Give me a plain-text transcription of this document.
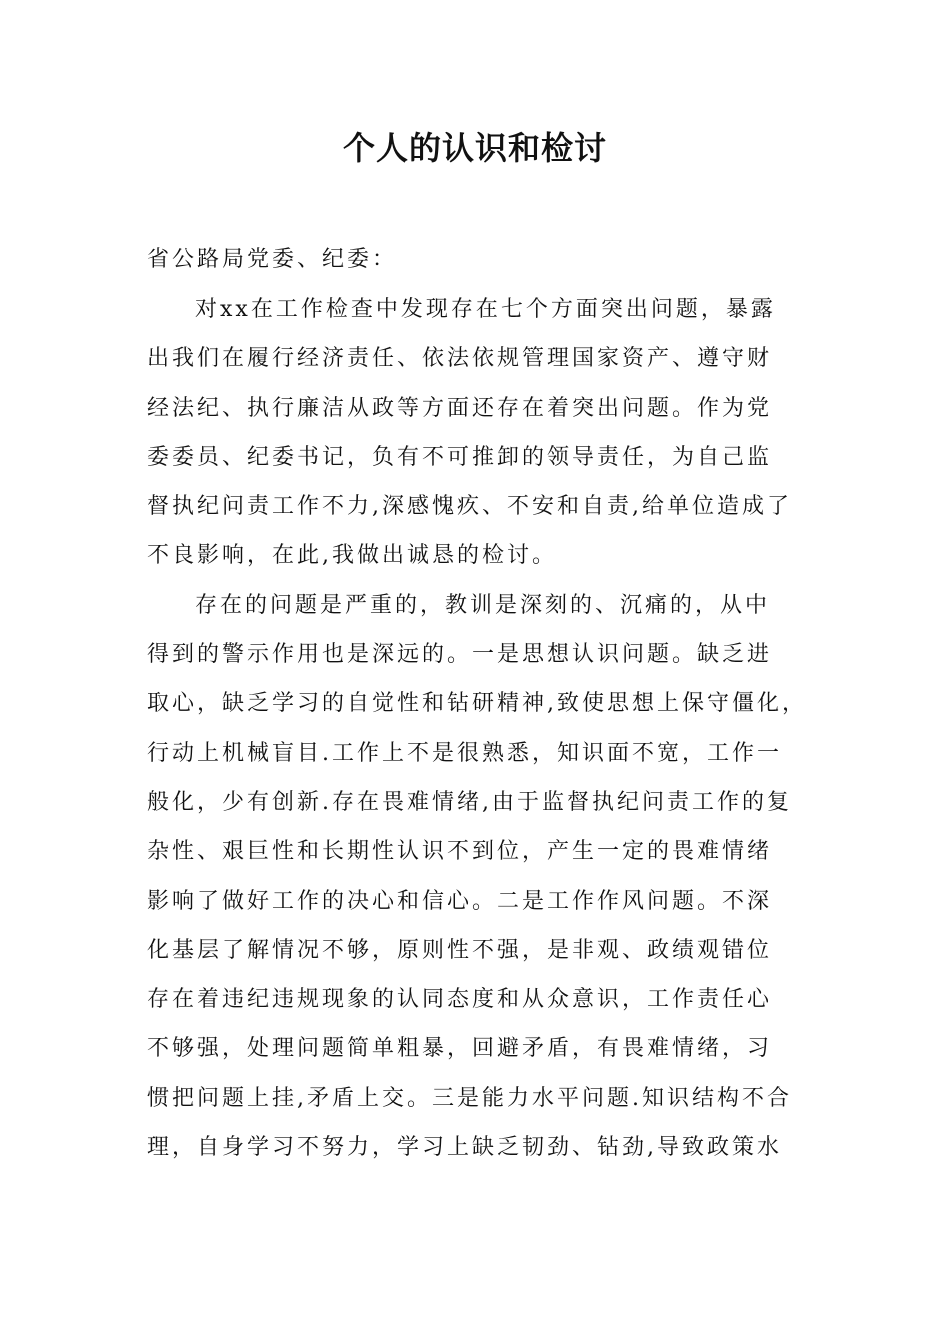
个人的认识和检讨
省公路局党委、纪委：
对xx在工作检查中发现存在七个方面突出问题，暴露
出我们在履行经济责任、依法依规管理国家资产、遵守财
经法纪、执行廉洁从政等方面还存在着突出问题。作为党
委委员、纪委书记，负有不可推卸的领导责任，为自己监
督执纪问责工作不力,深感愧疚、不安和自责,给单位造成了
不良影响，在此,我做出诚恳的检讨。
存在的问题是严重的，教训是深刻的、沉痛的，从中
得到的警示作用也是深远的。一是思想认识问题。缺乏进
取心，缺乏学习的自觉性和钻研精神,致使思想上保守僵化，
行动上机械盲目.工作上不是很熟悉，知识面不宽，工作一
般化，少有创新.存在畏难情绪,由于监督执纪问责工作的复
杂性、艰巨性和长期性认识不到位，产生一定的畏难情绪
影响了做好工作的决心和信心。二是工作作风问题。不深
化基层了解情况不够，原则性不强，是非观、政绩观错位
存在着违纪违规现象的认同态度和从众意识，工作责任心
不够强，处理问题简单粗暴，回避矛盾，有畏难情绪，习
惯把问题上挂,矛盾上交。三是能力水平问题.知识结构不合
理，自身学习不努力，学习上缺乏韧劲、钻劲,导致政策水
